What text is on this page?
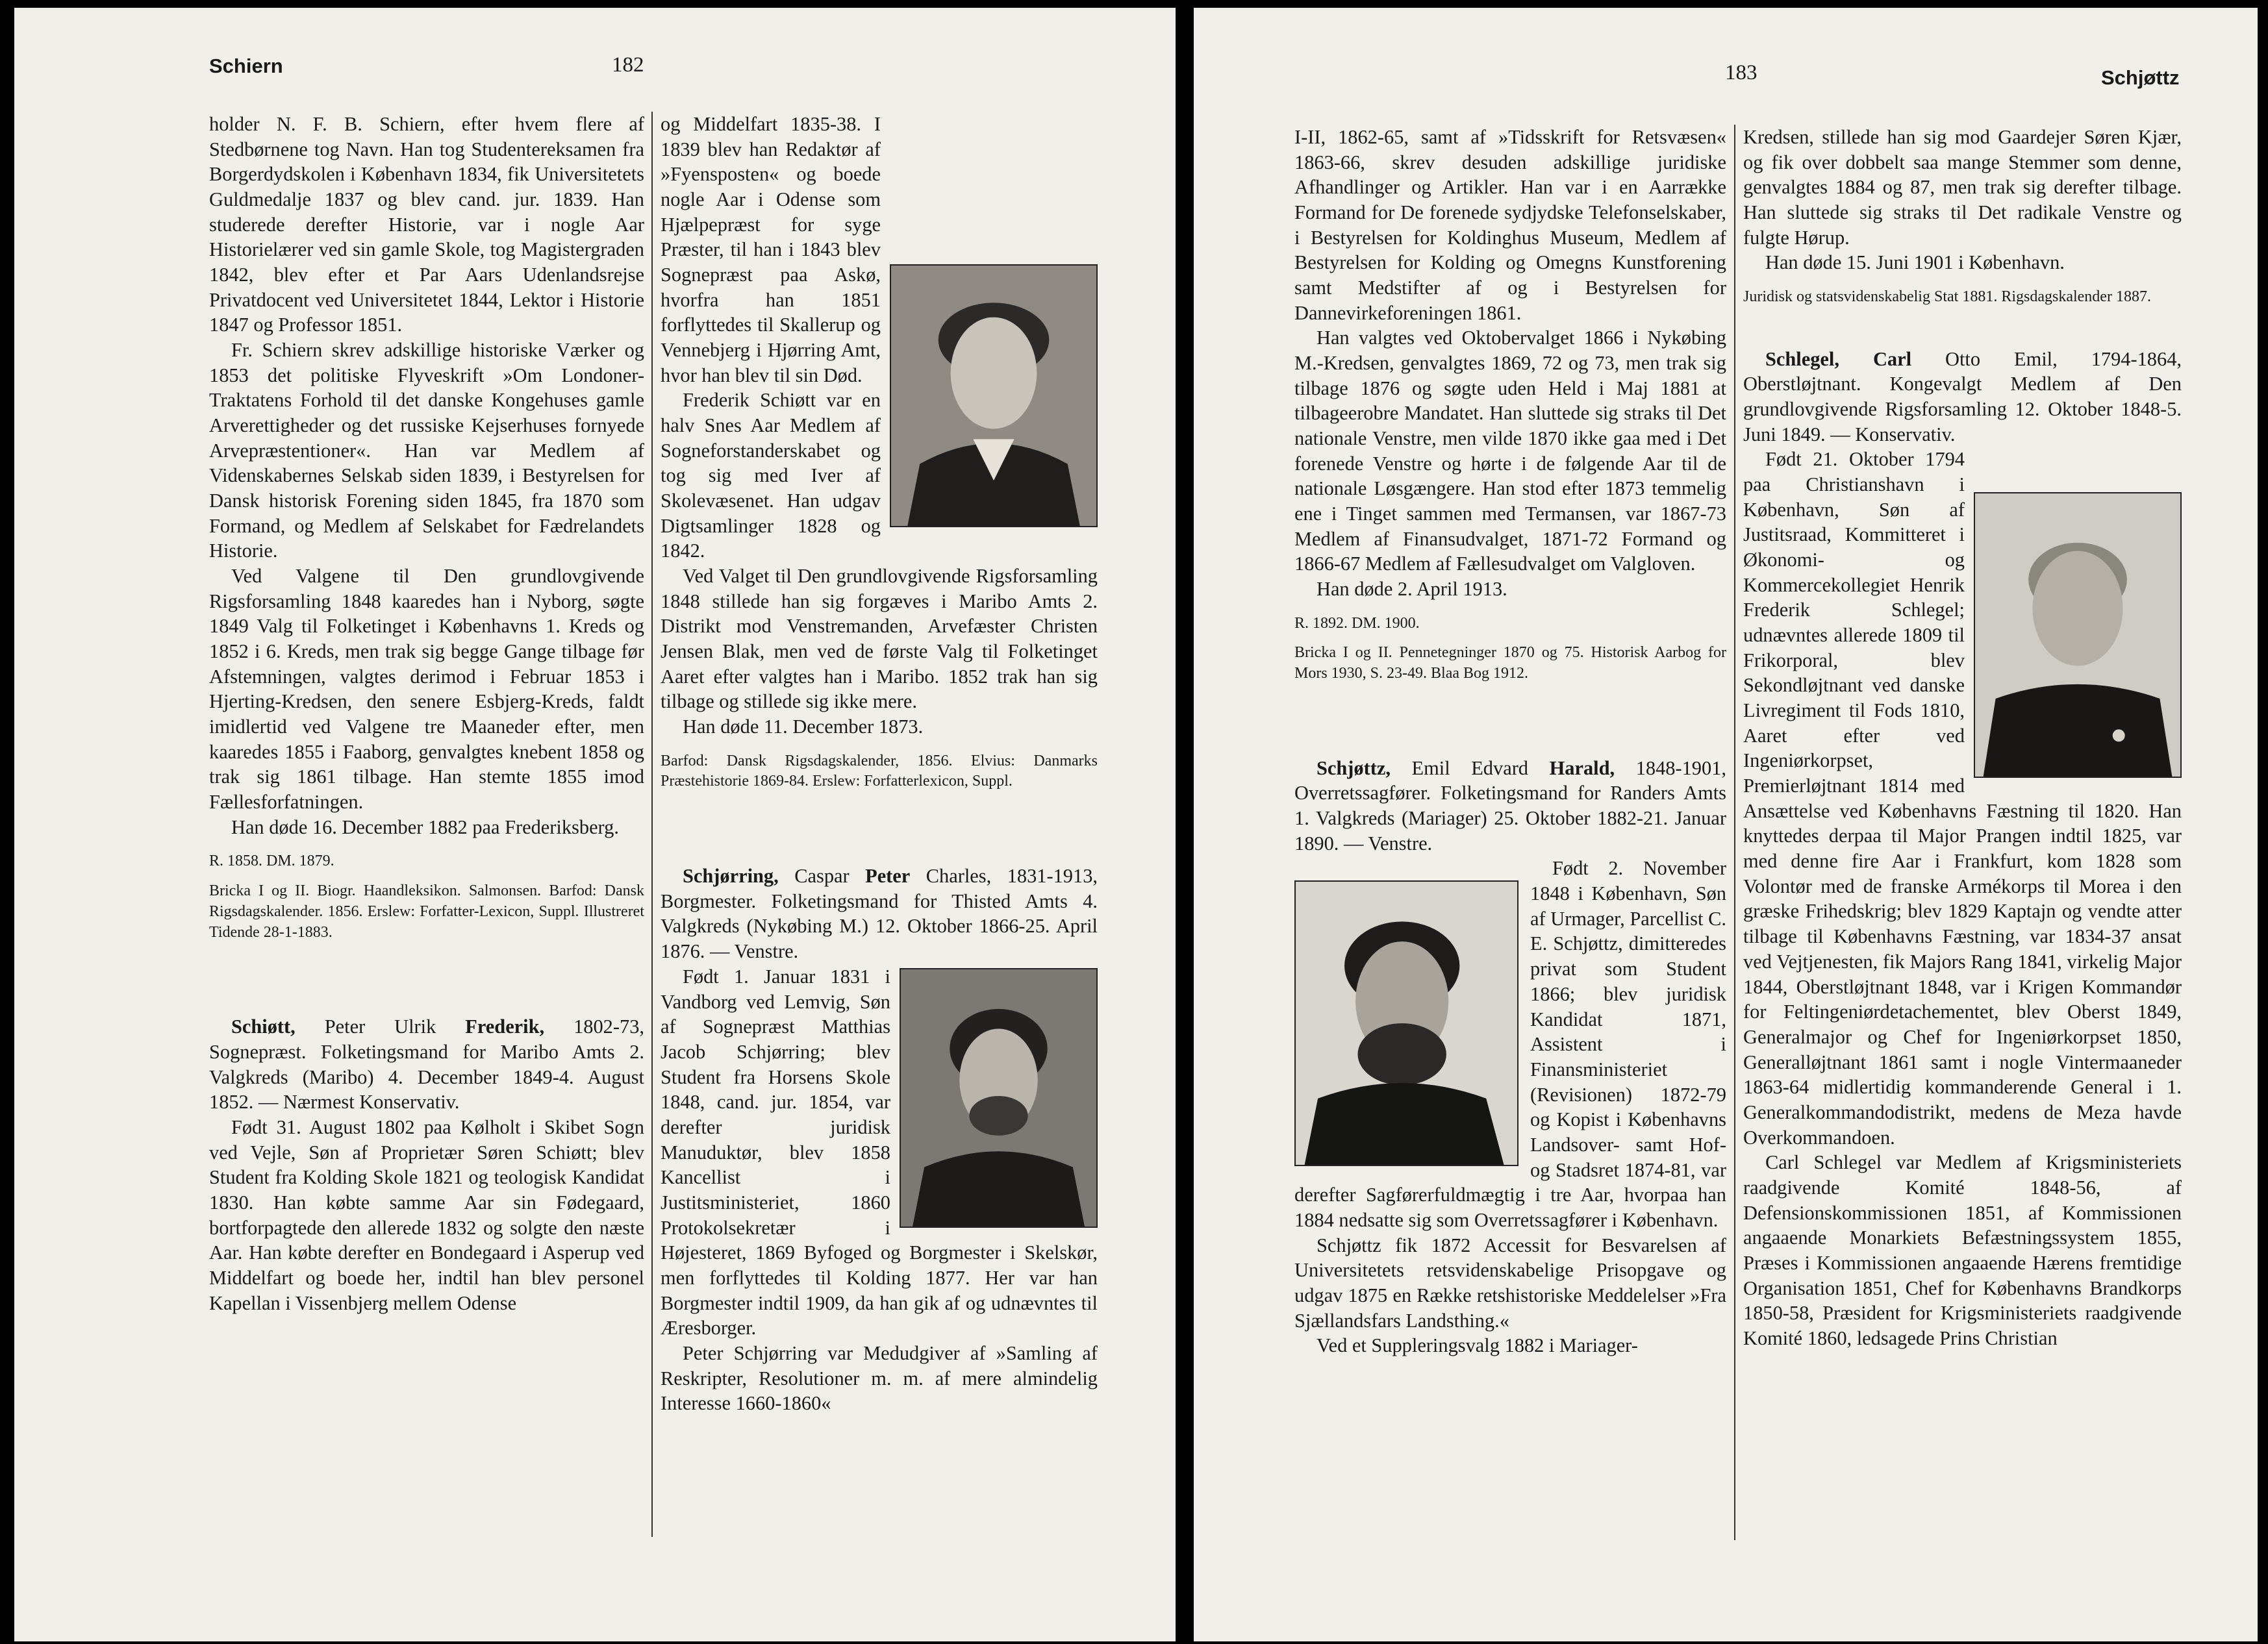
Schiern	182

holder N. F. B. Schiern, efter hvem flere af Stedbørnene tog Navn. Han tog Studentereksamen fra Borgerdydskolen i København 1834, fik Universitetets Guldmedalje 1837 og blev cand. jur. 1839. Han studerede derefter Historie, var i nogle Aar Historielærer ved sin gamle Skole, tog Magistergraden 1842, blev efter et Par Aars Udenlandsrejse Privatdocent ved Universitetet 1844, Lektor i Historie 1847 og Professor 1851.

Fr. Schiern skrev adskillige historiske Værker og 1853 det politiske Flyveskrift »Om Londoner-Traktatens Forhold til det danske Kongehuses gamle Arverettigheder og det russiske Kejserhuses fornyede Arvepræstentioner«. Han var Medlem af Videnskabernes Selskab siden 1839, i Bestyrelsen for Dansk historisk Forening siden 1845, fra 1870 som Formand, og Medlem af Selskabet for Fædrelandets Historie.

Ved Valgene til Den grundlovgivende Rigsforsamling 1848 kaaredes han i Nyborg, søgte 1849 Valg til Folketinget i Københavns 1. Kreds og 1852 i 6. Kreds, men trak sig begge Gange tilbage før Afstemningen, valgtes derimod i Februar 1853 i Hjerting-Kredsen, den senere Esbjerg-Kreds, faldt imidlertid ved Valgene tre Maaneder efter, men kaaredes 1855 i Faaborg, genvalgtes knebent 1858 og trak sig 1861 tilbage. Han stemte 1855 imod Fællesforfatningen.

Han døde 16. December 1882 paa Frederiksberg.

R. 1858. DM. 1879.

Bricka I og II. Biogr. Haandleksikon. Salmonsen. Barfod: Dansk Rigsdagskalender. 1856. Erslew: Forfatter-Lexicon, Suppl. Illustreret Tidende 28-1-1883.

Schiøtt, Peter Ulrik Frederik, 1802-73, Sognepræst. Folketingsmand for Maribo Amts 2. Valgkreds (Maribo) 4. December 1849-4. August 1852. — Nærmest Konservativ.

Født 31. August 1802 paa Kølholt i Skibet Sogn ved Vejle, Søn af Proprietær Søren Schiøtt; blev Student fra Kolding Skole 1821 og teologisk Kandidat 1830. Han købte samme Aar sin Fødegaard, bortforpagtede den allerede 1832 og solgte den næste Aar. Han købte derefter en Bondegaard i Asperup ved Middelfart og boede her, indtil han blev personel Kapellan i Vissenbjerg mellem Odense

og Middelfart 1835-38. I 1839 blev han Redaktør af »Fyensposten« og boede nogle Aar i Odense som Hjælpepræst for syge Præster, til han i 1843 blev Sognepræst paa Askø, hvorfra han 1851 forflyttedes til Skallerup og Vennebjerg i Hjørring Amt, hvor han blev til sin Død.

Frederik Schiøtt var en halv Snes Aar Medlem af Sogneforstanderskabet og tog sig med Iver af Skolevæsenet. Han udgav Digtsamlinger 1828 og 1842.

Ved Valget til Den grundlovgivende Rigsforsamling 1848 stillede han sig forgæves i Maribo Amts 2. Distrikt mod Venstremanden, Arvefæster Christen Jensen Blak, men ved de første Valg til Folketinget Aaret efter valgtes han i Maribo. 1852 trak han sig tilbage og stillede sig ikke mere.

Han døde 11. December 1873.

Barfod: Dansk Rigsdagskalender, 1856. Elvius: Danmarks Præstehistorie 1869-84. Erslew: Forfatterlexicon, Suppl.

Schjørring, Caspar Peter Charles, 1831-1913, Borgmester. Folketingsmand for Thisted Amts 4. Valgkreds (Nykøbing M.) 12. Oktober 1866-25. April 1876. — Venstre.

Født 1. Januar 1831 i Vandborg ved Lemvig, Søn af Sognepræst Matthias Jacob Schjørring; blev Student fra Horsens Skole 1848, cand. jur. 1854, var derefter juridisk Manuduktør, blev 1858 Kancellist i Justitsministeriet, 1860 Protokolsekretær i Højesteret, 1869 Byfoged og Borgmester i Skelskør, men forflyttedes til Kolding 1877. Her var han Borgmester indtil 1909, da han gik af og udnævntes til Æresborger.

Peter Schjørring var Medudgiver af »Samling af Reskripter, Resolutioner m. m. af mere almindelig Interesse 1660-1860«

183	Schjøttz

I-II, 1862-65, samt af »Tidsskrift for Retsvæsen« 1863-66, skrev desuden adskillige juridiske Afhandlinger og Artikler. Han var i en Aarrække Formand for De forenede sydjydske Telefonselskaber, i Bestyrelsen for Koldinghus Museum, Medlem af Bestyrelsen for Kolding og Omegns Kunstforening samt Medstifter af og i Bestyrelsen for Dannevirkeforeningen 1861.

Han valgtes ved Oktobervalget 1866 i Nykøbing M.-Kredsen, genvalgtes 1869, 72 og 73, men trak sig tilbage 1876 og søgte uden Held i Maj 1881 at tilbageerobre Mandatet. Han sluttede sig straks til Det nationale Venstre, men vilde 1870 ikke gaa med i Det forenede Venstre og hørte i de følgende Aar til de nationale Løsgængere. Han stod efter 1873 temmelig ene i Tinget sammen med Termansen, var 1867-73 Medlem af Finansudvalget, 1871-72 Formand og 1866-67 Medlem af Fællesudvalget om Valgloven.

Han døde 2. April 1913.

R. 1892. DM. 1900.

Bricka I og II. Pennetegninger 1870 og 75. Historisk Aarbog for Mors 1930, S. 23-49. Blaa Bog 1912.

Schjøttz, Emil Edvard Harald, 1848-1901, Overretssagfører. Folketingsmand for Randers Amts 1. Valgkreds (Mariager) 25. Oktober 1882-21. Januar 1890. — Venstre.

Født 2. November 1848 i København, Søn af Urmager, Parcellist C. E. Schjøttz, dimitteredes privat som Student 1866; blev juridisk Kandidat 1871, Assistent i Finansministeriet (Revisionen) 1872-79 og Kopist i Københavns Landsover- samt Hof- og Stadsret 1874-81, var derefter Sagførerfuldmægtig i tre Aar, hvorpaa han 1884 nedsatte sig som Overretssagfører i København.

Schjøttz fik 1872 Accessit for Besvarelsen af Universitetets retsvidenskabelige Prisopgave og udgav 1875 en Række retshistoriske Meddelelser »Fra Sjællandsfars Landsthing.«

Ved et Suppleringsvalg 1882 i Mariager-

Kredsen, stillede han sig mod Gaardejer Søren Kjær, og fik over dobbelt saa mange Stemmer som denne, genvalgtes 1884 og 87, men trak sig derefter tilbage. Han sluttede sig straks til Det radikale Venstre og fulgte Hørup.

Han døde 15. Juni 1901 i København.

Juridisk og statsvidenskabelig Stat 1881. Rigsdagskalender 1887.

Schlegel, Carl Otto Emil, 1794-1864, Oberstløjtnant. Kongevalgt Medlem af Den grundlovgivende Rigsforsamling 12. Oktober 1848-5. Juni 1849. — Konservativ.

Født 21. Oktober 1794 paa Christianshavn i København, Søn af Justitsraad, Kommitteret i Økonomi- og Kommercekollegiet Henrik Frederik Schlegel; udnævntes allerede 1809 til Frikorporal, blev Sekondløjtnant ved danske Livregiment til Fods 1810, Aaret efter ved Ingeniørkorpset, Premierløjtnant 1814 med Ansættelse ved Københavns Fæstning til 1820. Han knyttedes derpaa til Major Prangen indtil 1825, var med denne fire Aar i Frankfurt, kom 1828 som Volontør med de franske Armékorps til Morea i den græske Frihedskrig; blev 1829 Kaptajn og vendte atter tilbage til Københavns Fæstning, var 1834-37 ansat ved Vejtjenesten, fik Majors Rang 1841, virkelig Major 1844, Oberstløjtnant 1848, var i Krigen Kommandør for Feltingeniørdetachementet, blev Oberst 1849, Generalmajor og Chef for Ingeniørkorpset 1850, Generalløjtnant 1861 samt i nogle Vintermaaneder 1863-64 midlertidig kommanderende General i 1. Generalkommandodistrikt, medens de Meza havde Overkommandoen.

Carl Schlegel var Medlem af Krigsministeriets raadgivende Komité 1848-56, af Defensionskommissionen 1851, af Kommissionen angaaende Monarkiets Befæstningssystem 1855, Præses i Kommissionen angaaende Hærens fremtidige Organisation 1851, Chef for Københavns Brandkorps 1850-58, Præsident for Krigsministeriets raadgivende Komité 1860, ledsagede Prins Christian
